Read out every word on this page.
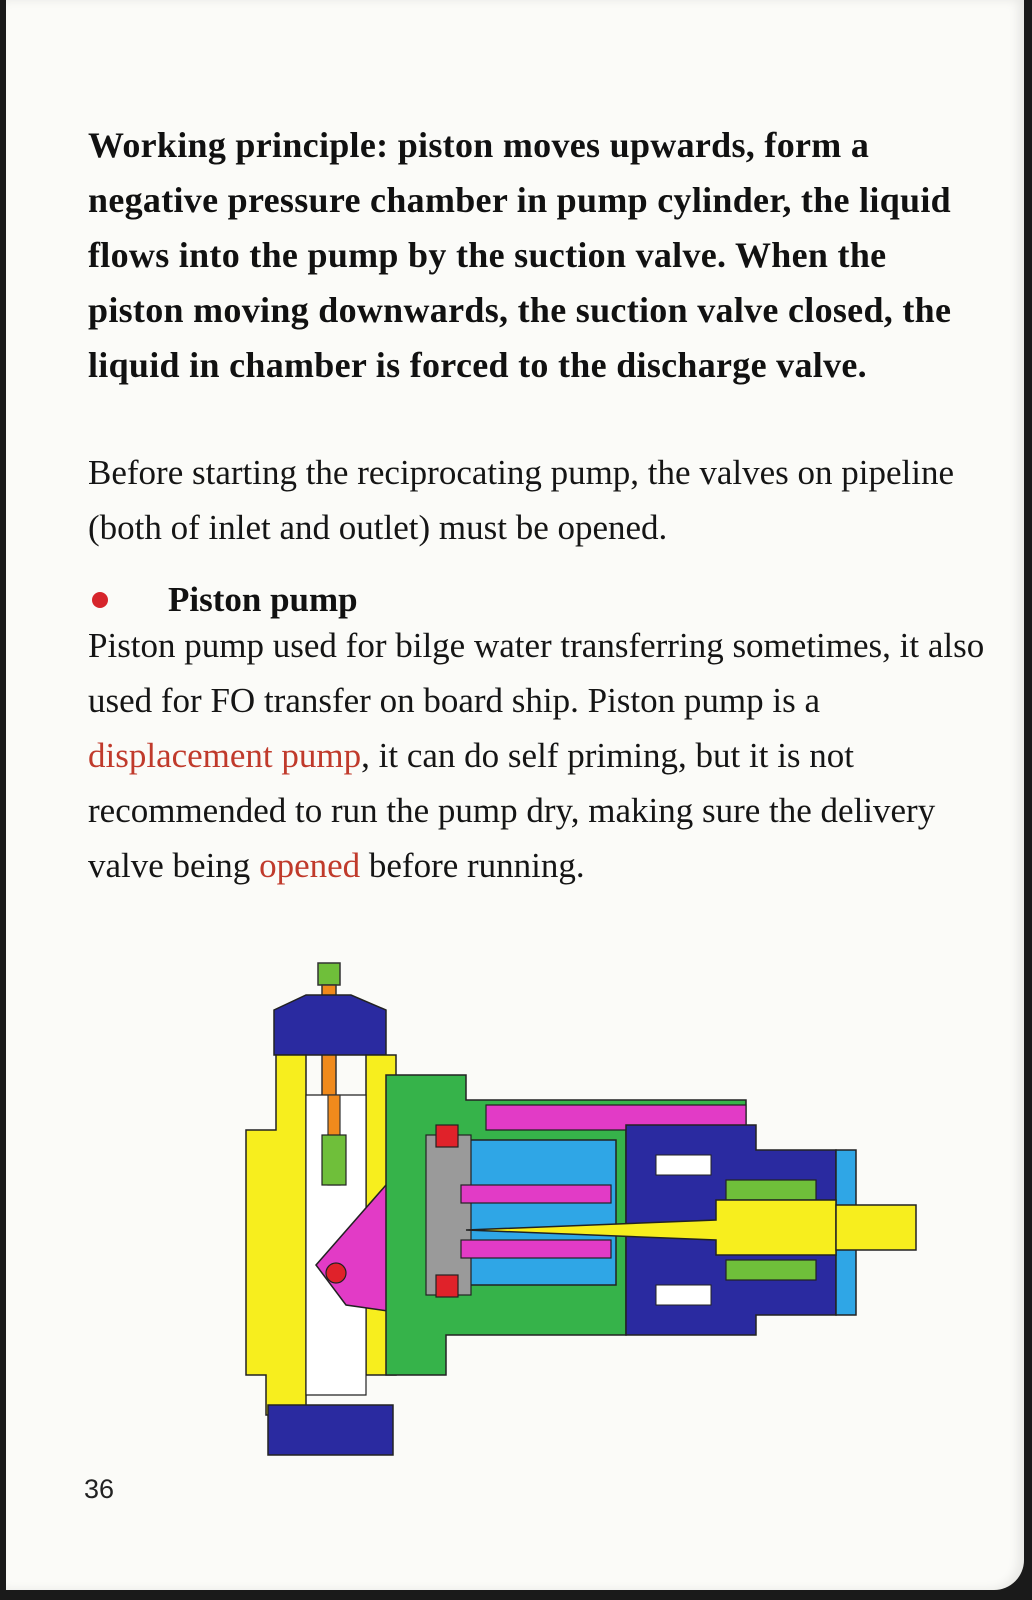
Working principle: piston moves upwards, form a negative pressure chamber in pump cylinder, the liquid flows into the pump by the suction valve. When the piston moving downwards, the suction valve closed, the liquid in chamber is forced to the discharge valve.
Before starting the reciprocating pump, the valves on pipeline (both of inlet and outlet) must be opened.
Piston pump
Piston pump used for bilge water transferring sometimes, it also used for FO transfer on board ship. Piston pump is a displacement pump, it can do self priming, but it is not recommended to run the pump dry, making sure the delivery valve being opened before running.
36
